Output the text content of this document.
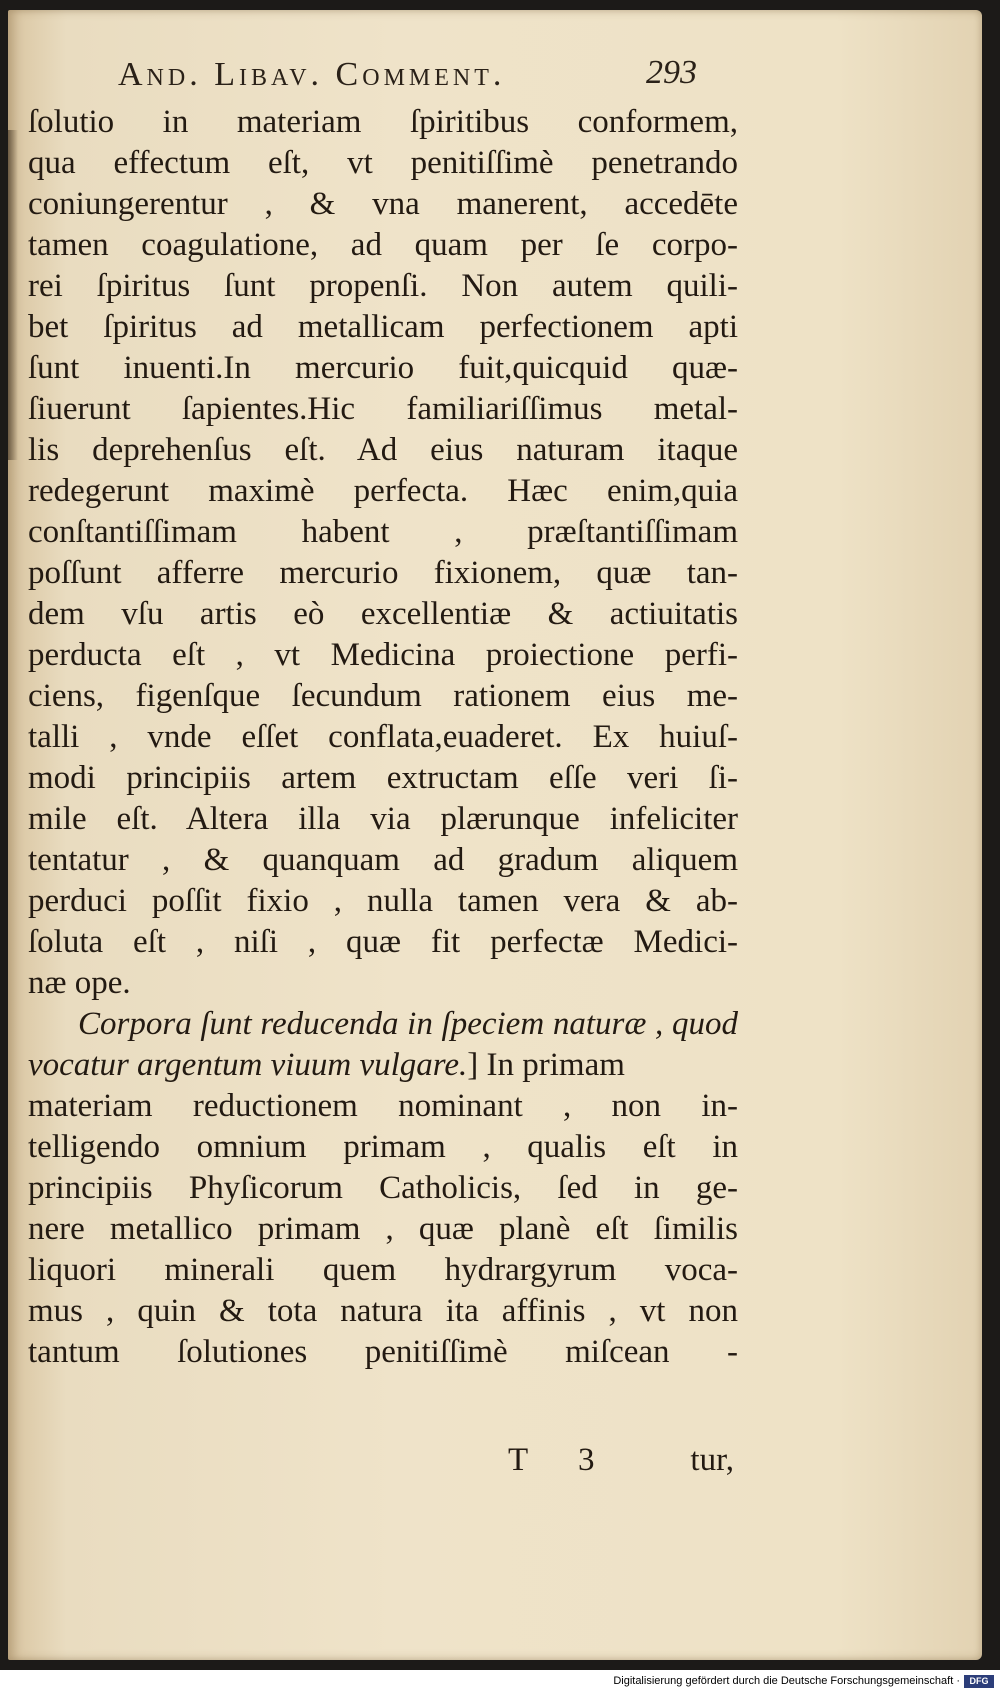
And. Libav. Comment.	293
ſolutio in materiam ſpiritibus conformem,
qua effectum eſt, vt penitiſſimè penetrando
coniungerentur , & vna manerent, accedēte
tamen coagulatione, ad quam per ſe corpo-
rei ſpiritus ſunt propenſi. Non autem quili-
bet ſpiritus ad metallicam perfectionem apti
ſunt inuenti.In mercurio fuit,quicquid quæ-
ſiuerunt ſapientes.Hic familiariſſimus metal-
lis deprehenſus eſt. Ad eius naturam itaque
redegerunt maximè perfecta. Hæc enim,quia
conſtantiſſimam habent , præſtantiſſimam
poſſunt afferre mercurio fixionem, quæ tan-
dem vſu artis eò excellentiæ & actiuitatis
perducta eſt , vt Medicina proiectione perfi-
ciens, figenſque ſecundum rationem eius me-
talli , vnde eſſet conflata,euaderet. Ex huiuſ-
modi principiis artem extructam eſſe veri ſi-
mile eſt. Altera illa via plærunque infeliciter
tentatur , & quanquam ad gradum aliquem
perduci poſſit fixio , nulla tamen vera & ab-
ſoluta eſt , niſi , quæ fit perfectæ Medici-
næ ope.
Corpora ſunt reducenda in ſpeciem naturæ , quod
vocatur argentum viuum vulgare.] In primam
materiam reductionem nominant , non in-
telligendo omnium primam , qualis eſt in
principiis Phyſicorum Catholicis, ſed in ge-
nere metallico primam , quæ planè eſt ſimilis
liquori minerali quem hydrargyrum voca-
mus , quin & tota natura ita affinis , vt non
tantum ſolutiones penitiſſimè miſcean -
T 3	tur,
Digitalisierung gefördert durch die Deutsche Forschungsgemeinschaft ·	DFG
